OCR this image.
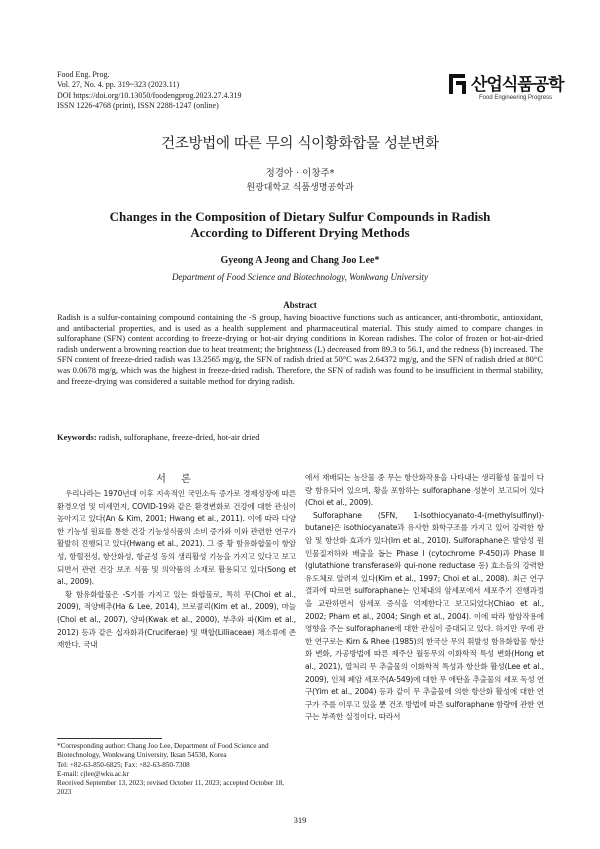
Food Eng. Prog.
Vol. 27, No. 4. pp. 319~323 (2023.11)
DOI https://doi.org/10.13050/foodengprog.2023.27.4.319
ISSN 1226-4768 (print), ISSN 2288-1247 (online)
산업식품공학
Food Engineering Progress
건조방법에 따른 무의 식이황화합물 성분변화
정경아 · 이창주*
원광대학교 식품생명공학과
Changes in the Composition of Dietary Sulfur Compounds in Radish
According to Different Drying Methods
Gyeong A Jeong and Chang Joo Lee*
Department of Food Science and Biotechnology, Wonkwang University
Abstract

Radish is a sulfur-containing compound containing the -S group, having bioactive functions such as anticancer, anti-thrombotic, antioxidant, and antibacterial properties, and is used as a health supplement and pharmaceutical material. This study aimed to compare changes in sulforaphane (SFN) content according to freeze-drying or hot-air drying conditions in Korean radishes. The color of frozen or hot-air-dried radish underwent a browning reaction due to heat treatment; the brightness (L) decreased from 89.3 to 56.1, and the redness (b) increased. The SFN content of freeze-dried radish was 13.2565 mg/g, the SFN of radish dried at 50°C was 2.64372 mg/g, and the SFN of radish dried at 80°C was 0.0678 mg/g, which was the highest in freeze-dried radish. Therefore, the SFN of radish was found to be insufficient in thermal stability, and freeze-drying was considered a suitable method for drying radish.

Keywords: radish, sulforaphane, freeze-dried, hot-air dried

서 론

우리나라는 1970년대 이후 지속적인 국민소득 증가로 경제성장에 따른 환경오염 및 미세먼지, COVID-19와 같은 환경변화로 건강에 대한 관심이 높아지고 있다(An & Kim, 2001; Hwang et al., 2011). 이에 따라 다양한 기능성 원료를 통한 건강 기능성식품의 소비 증가와 이와 관련한 연구가 활발히 진행되고 있다(Hwang et al., 2021). 그 중 황 함유화합물이 항암성, 항혈전성, 항산화성, 항균성 등의 생리활성 기능을 가지고 있다고 보고되면서 관련 건강 보조 식품 및 의약품의 소재로 활용되고 있다(Song et al., 2009).

황 함유화합물은 -S기를 가지고 있는 화합물로, 특히 무(Choi et al., 2009), 적양배추(Ha & Lee, 2014), 브로콜리(Kim et al., 2009), 마늘(Choi et al., 2007), 양파(Kwak et al., 2000), 부추와 파(Kim et al., 2012) 등과 같은 십자화과(Cruciferae) 및 백합(Lilliaceae) 채소류에 존재한다. 국내

에서 재배되는 농산물 중 무는 항산화작용을 나타내는 생리활성 물질이 다량 함유되어 있으며, 황을 포함하는 sulforaphane 성분이 보고되어 있다(Choi et al., 2009).

Sulforaphane (SFN, 1-Isothiocyanato-4-(methylsulfinyl)-butane)은 isothiocyanate과 유사한 화학구조를 가지고 있어 강력한 항암 및 항산화 효과가 있다(Im et al., 2010). Sulforaphane은 발암성 원인물질저하와 배출을 돕는 Phase I (cytochrome P-450)과 Phase II (glutathione transferase와 qui-none reductase 등) 효소들의 강력한 유도체로 알려져 있다(Kim et al., 1997; Choi et al., 2008). 최근 연구결과에 따르면 sulforaphane는 인체내의 암세포에서 세포주기 진행과정을 교란하면서 암세포 증식을 억제한다고 보고되었다(Chiao et al., 2002; Pham et al., 2004; Singh et al., 2004). 이에 따라 항암작용에 영향을 주는 sulforaphane에 대한 관심이 증대되고 있다. 하지만 무에 관한 연구로는 Kim & Rhee (1985)의 한국산 무의 휘발성 함유화합물 항산화 변화, 가공방법에 따른 제주산 월동무의 이화학적 특성 변화(Hong et al., 2021), 열처리 무 추출물의 이화학적 특성과 항산화 활성(Lee et al., 2009), 인체 폐암 세포주(A-549)에 대한 무 에탄올 추출물의 세포 독성 연구(Yim et al., 2004) 등과 같이 무 추출물에 의한 항산화 활성에 대한 연구가 주를 이루고 있을 뿐 건조 방법에 따른 sulforaphane 함량에 관한 연구는 부족한 실정이다. 따라서

*Corresponding author: Chang Joo Lee, Department of Food Science and Biotechnology, Wonkwang University, Iksan 54538, Korea
Tel: +82-63-850-6825; Fax: +82-63-850-7308
E-mail: cjlee@wku.ac.kr
Received September 13, 2023; revised October 11, 2023; accepted October 18, 2023
319
